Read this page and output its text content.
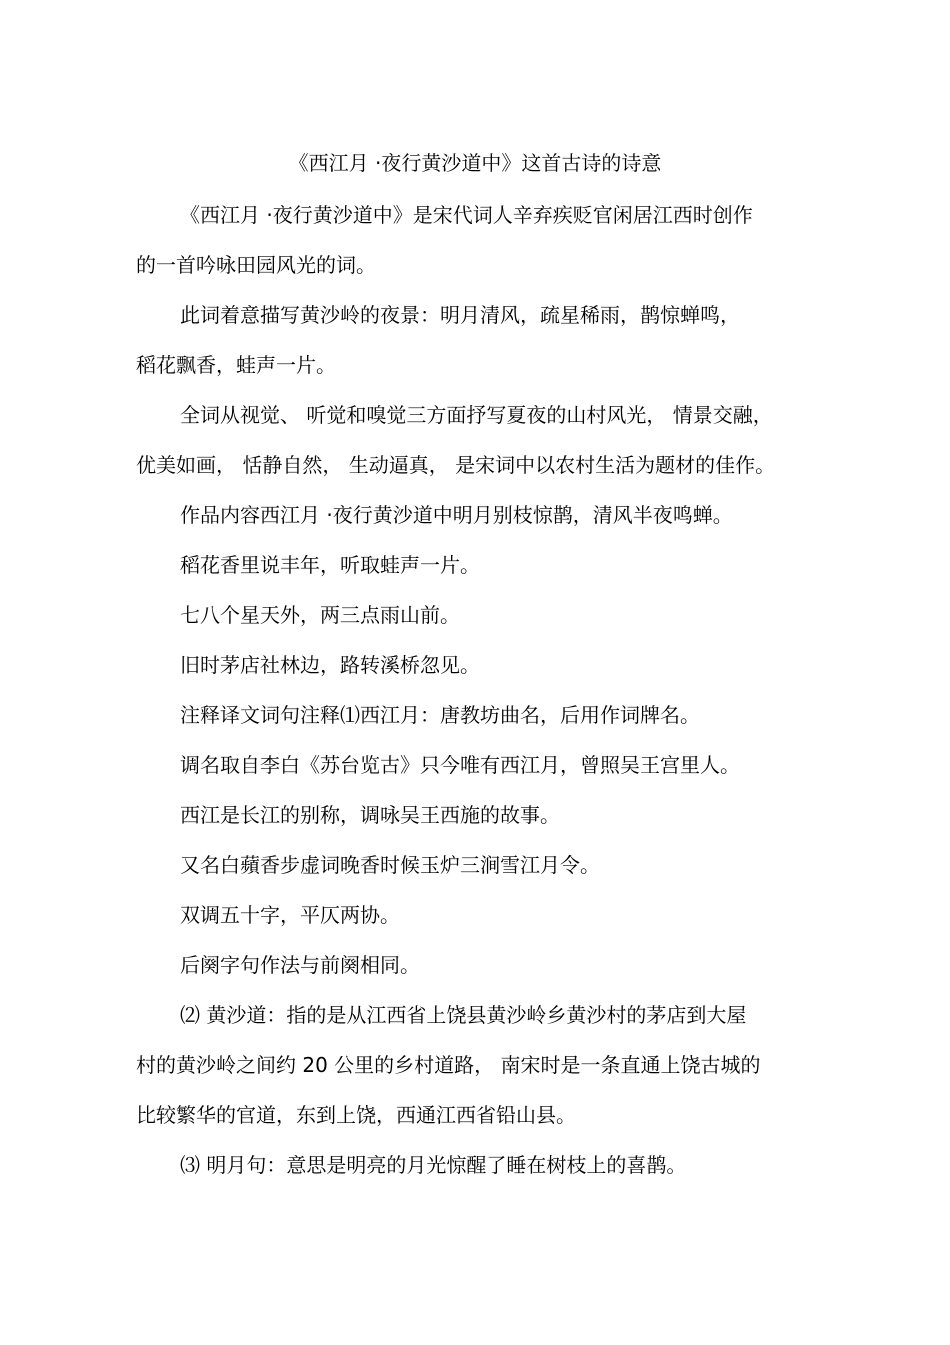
《西江月 ·夜行黄沙道中》这首古诗的诗意
《西江月 ·夜行黄沙道中》是宋代词人辛弃疾贬官闲居江西时创作
的一首吟咏田园风光的词。
此词着意描写黄沙岭的夜景：明月清风，疏星稀雨，鹊惊蝉鸣，
稻花飘香，蛙声一片。
全词从视觉、 听觉和嗅觉三方面抒写夏夜的山村风光， 情景交融，
优美如画， 恬静自然， 生动逼真， 是宋词中以农村生活为题材的佳作。
作品内容西江月 ·夜行黄沙道中明月别枝惊鹊，清风半夜鸣蝉。
稻花香里说丰年，听取蛙声一片。
七八个星天外，两三点雨山前。
旧时茅店社林边，路转溪桥忽见。
注释译文词句注释⑴西江月：唐教坊曲名，后用作词牌名。
调名取自李白《苏台览古》只今唯有西江月，曾照吴王宫里人。
西江是长江的别称，调咏吴王西施的故事。
又名白蘋香步虚词晚香时候玉炉三涧雪江月令。
双调五十字，平仄两协。
后阕字句作法与前阕相同。
⑵ 黄沙道：指的是从江西省上饶县黄沙岭乡黄沙村的茅店到大屋
村的黄沙岭之间约 20 公里的乡村道路， 南宋时是一条直通上饶古城的
比较繁华的官道，东到上饶，西通江西省铅山县。
⑶ 明月句：意思是明亮的月光惊醒了睡在树枝上的喜鹊。
